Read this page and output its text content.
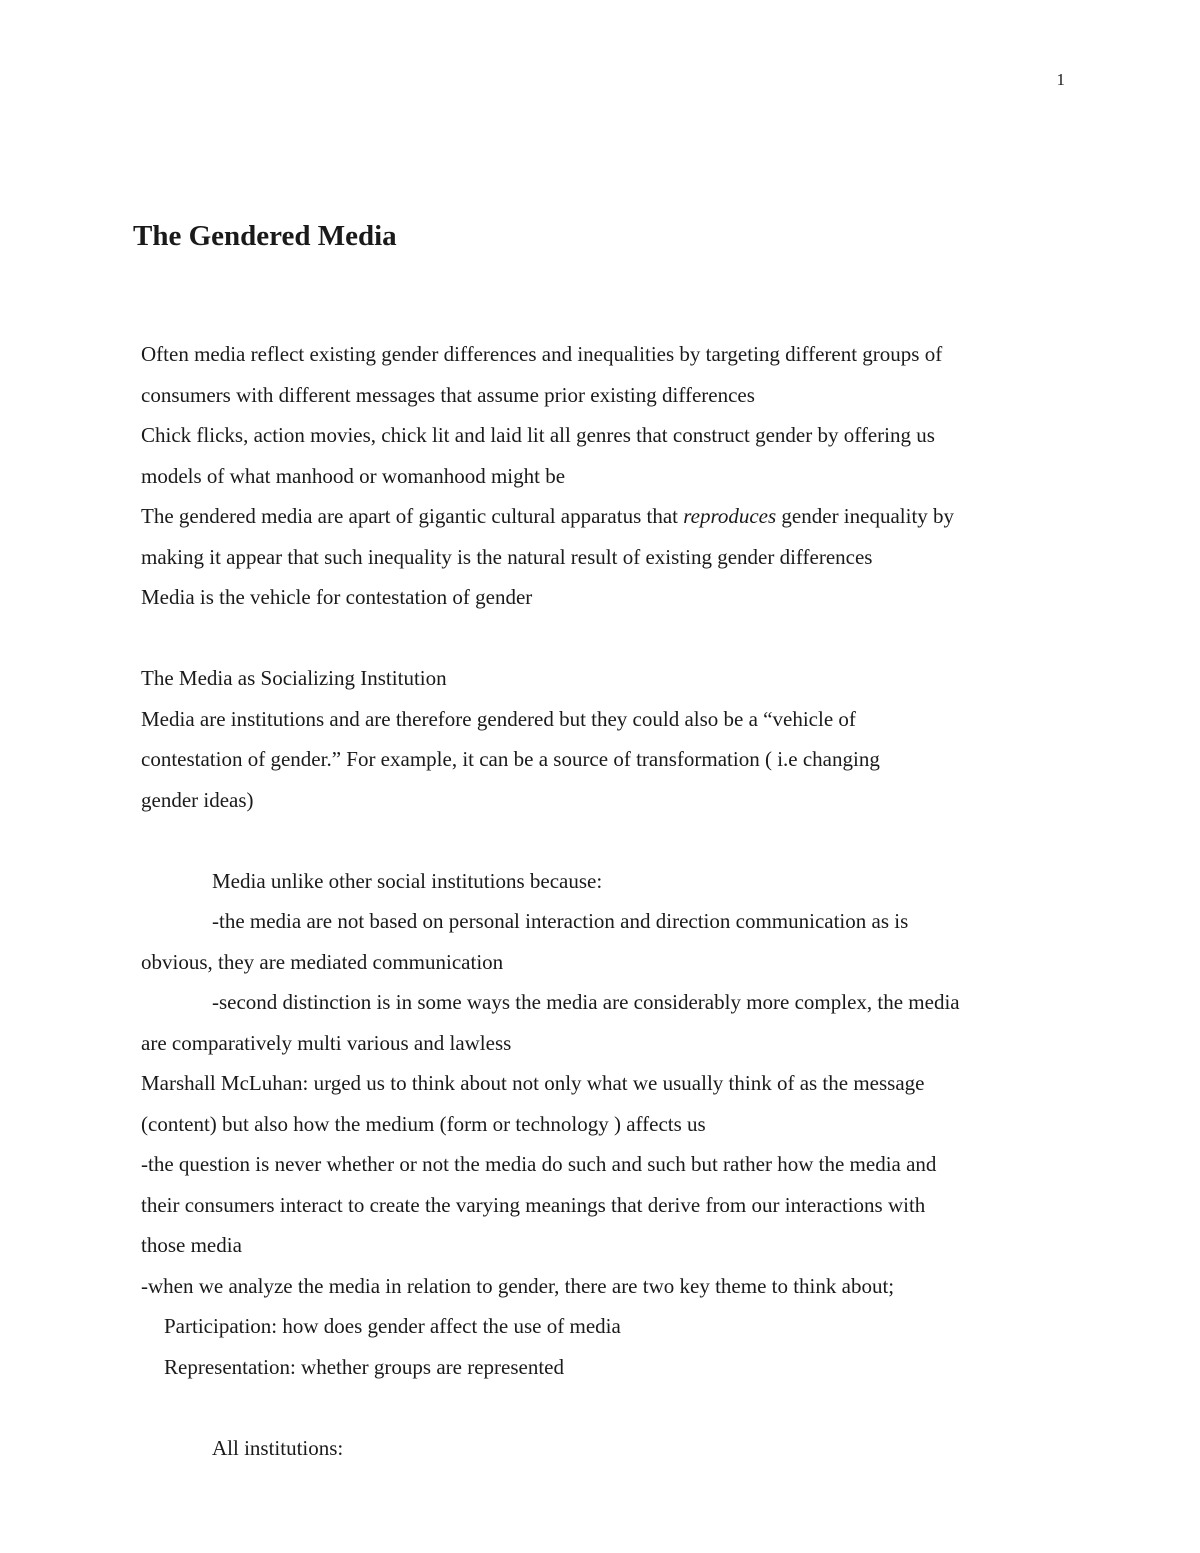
1
The Gendered Media
Often media reflect existing gender differences and inequalities by targeting different groups of
consumers with different messages that assume prior existing differences
Chick flicks, action movies, chick lit and laid lit all genres that construct gender by offering us
models of what manhood or womanhood might be
The gendered media are apart of gigantic cultural apparatus that reproduces gender inequality by
making it appear that such inequality is the natural result of existing gender differences
Media is the vehicle for contestation of gender
The Media as Socializing Institution
Media are institutions and are therefore gendered but they could also be a “vehicle of
contestation of gender.” For example, it can be a source of transformation ( i.e changing
gender ideas)
Media unlike other social institutions because:
-the media are not based on personal interaction and direction communication as is
obvious, they are mediated communication
-second distinction is in some ways the media are considerably more complex, the media
are comparatively multi various and lawless
Marshall McLuhan: urged us to think about not only what we usually think of as the message
(content) but also how the medium (form or technology ) affects us
-the question is never whether or not the media do such and such but rather how the media and
their consumers interact to create the varying meanings that derive from our interactions with
those media
-when we analyze the media in relation to gender, there are two key theme to think about;
Participation: how does gender affect the use of media
Representation: whether groups are represented
All institutions:
